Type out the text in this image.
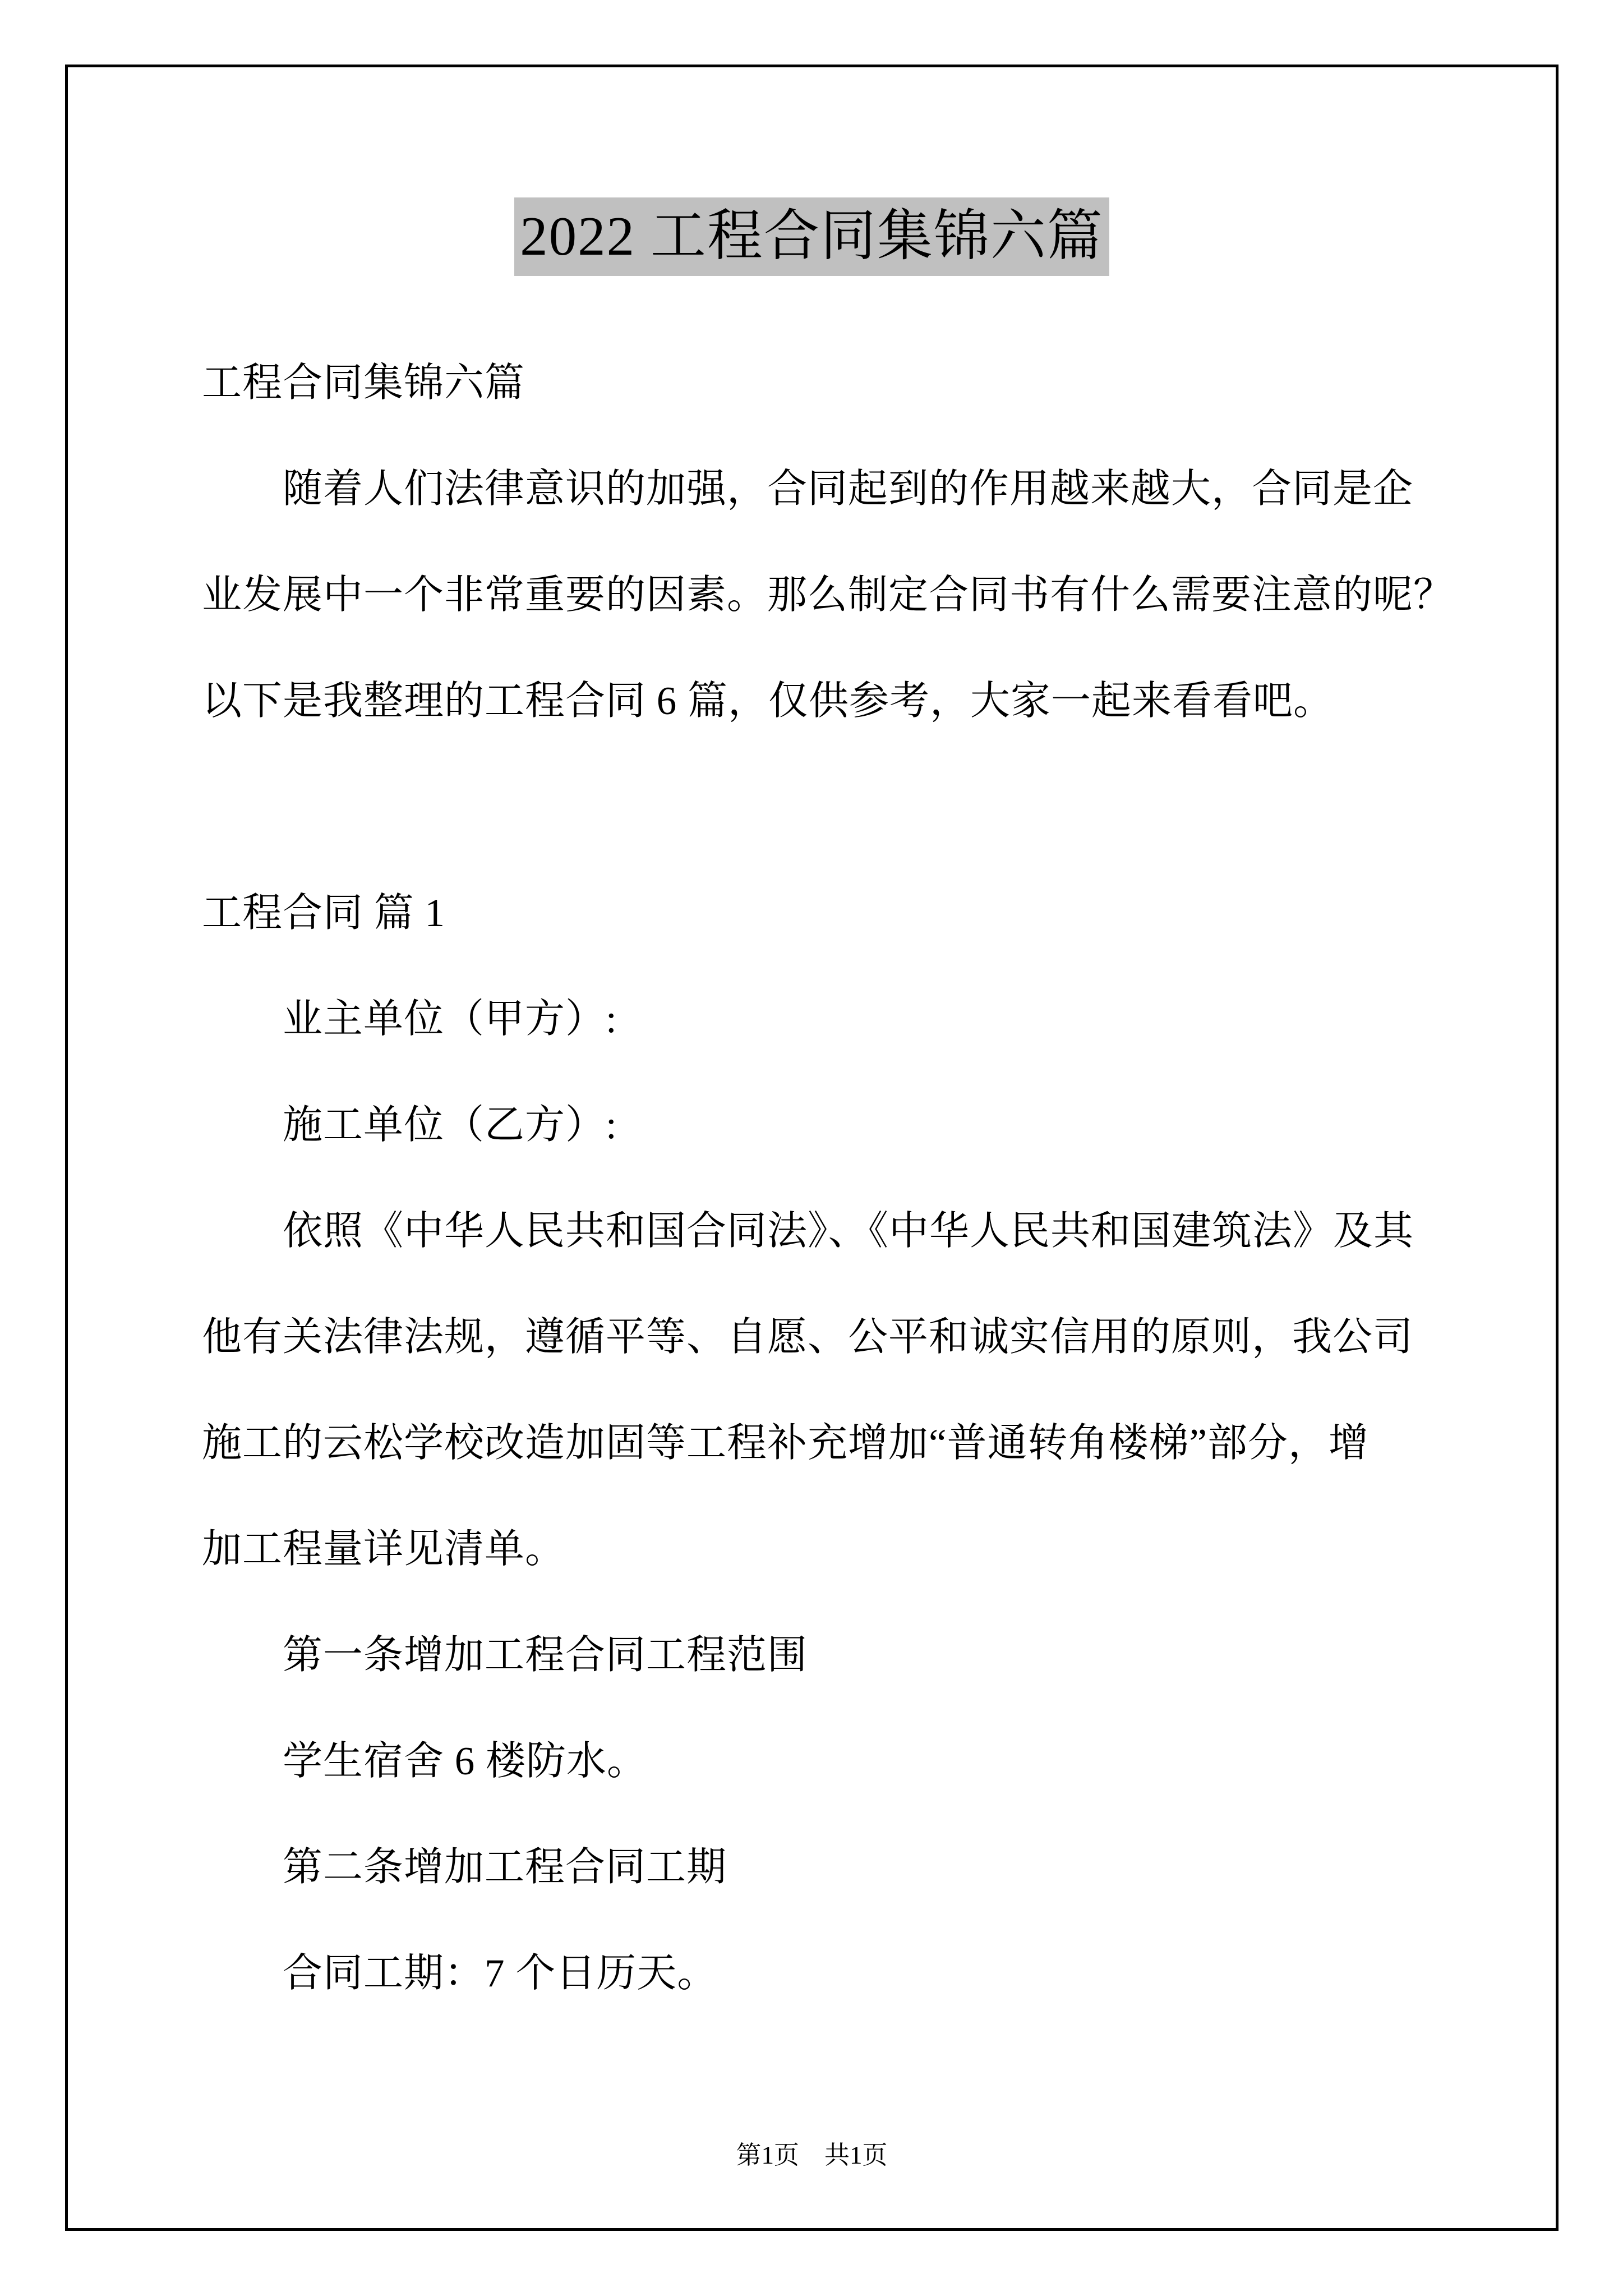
2022 工程合同集锦六篇
工程合同集锦六篇
随着人们法律意识的加强，合同起到的作用越来越大，合同是企
业发展中一个非常重要的因素。那么制定合同书有什么需要注意的呢？
以下是我整理的工程合同 6 篇，仅供参考，大家一起来看看吧。
工程合同 篇 1
业主单位（甲方）:
施工单位（乙方）:
依照《中华人民共和国合同法》、《中华人民共和国建筑法》及其
他有关法律法规，遵循平等、自愿、公平和诚实信用的原则，我公司
施工的云松学校改造加固等工程补充增加“普通转角楼梯”部分，增
加工程量详见清单。
第一条增加工程合同工程范围
学生宿舍 6 楼防水。
第二条增加工程合同工期
合同工期：7 个日历天。
第1页　共1页
